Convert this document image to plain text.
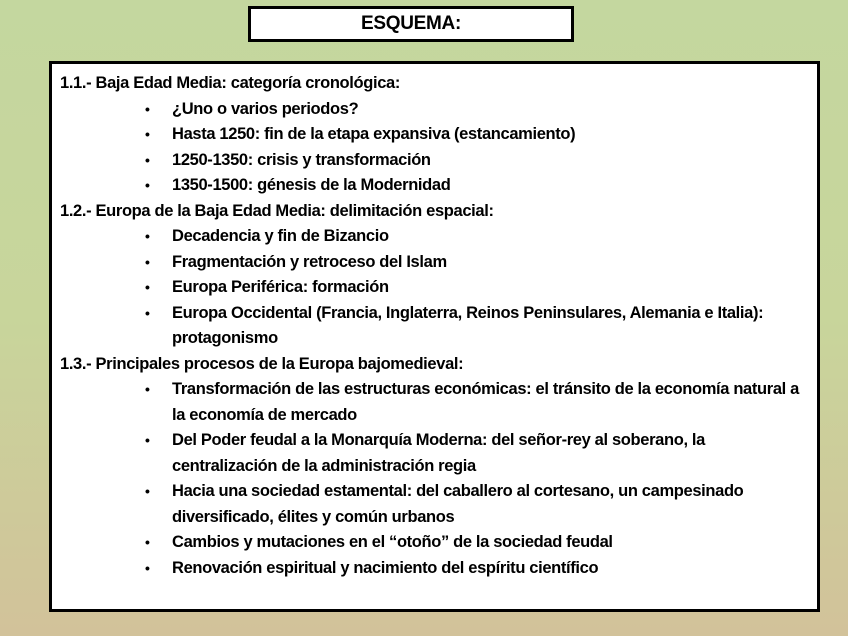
ESQUEMA:
1.1.- Baja Edad Media: categoría cronológica:
• ¿Uno o varios periodos?
• Hasta 1250: fin de la etapa expansiva (estancamiento)
• 1250-1350: crisis y transformación
• 1350-1500: génesis de la Modernidad
1.2.- Europa de la Baja Edad Media: delimitación espacial:
• Decadencia y fin de Bizancio
• Fragmentación y retroceso del Islam
• Europa Periférica: formación
• Europa Occidental (Francia, Inglaterra, Reinos Peninsulares, Alemania e Italia): protagonismo
1.3.- Principales procesos de la Europa bajomedieval:
• Transformación de las estructuras económicas: el tránsito de la economía natural a la economía de mercado
• Del Poder feudal a la Monarquía Moderna: del señor-rey al soberano, la centralización de la administración regia
• Hacia una sociedad estamental: del caballero al cortesano, un campesinado diversificado, élites y común urbanos
• Cambios y mutaciones en el “otoño” de la sociedad feudal
• Renovación espiritual y nacimiento del espíritu científico
